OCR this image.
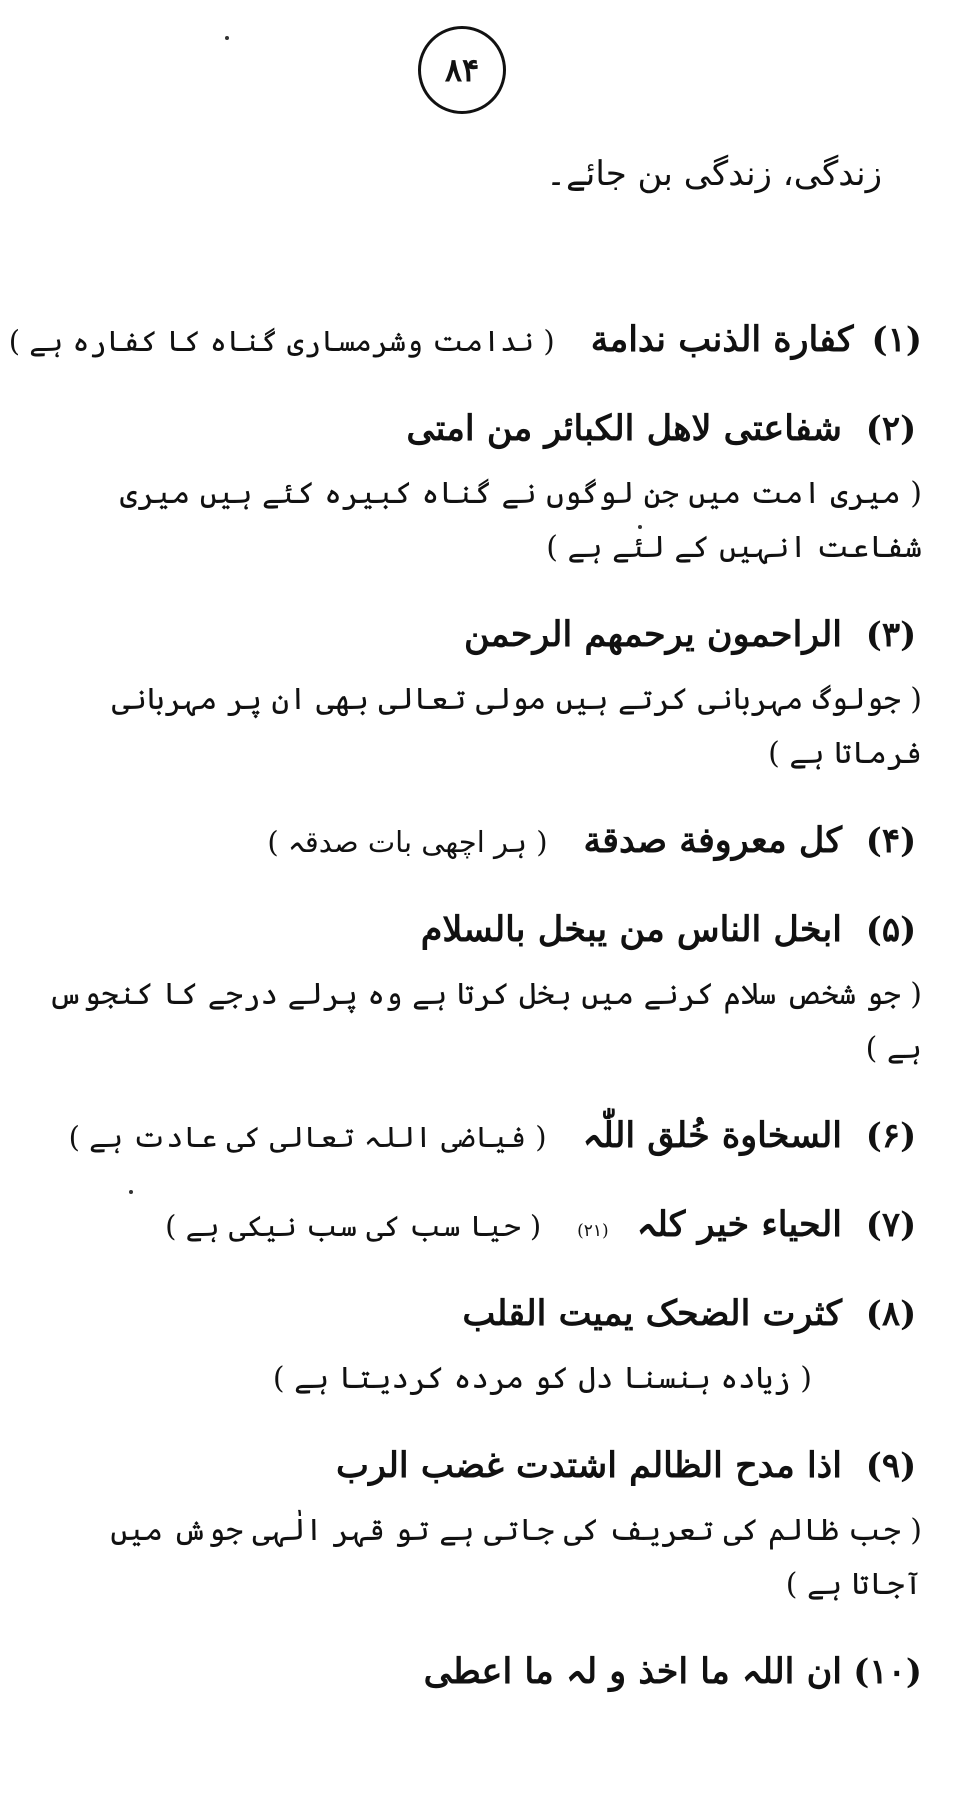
۸۴
زندگی، زندگی بن جائے۔
(۱)
کفارة الذنب ندامة
( ندامت وشرمساری گناہ کا کفارہ ہے )
(۲)
شفاعتی لاھل الکبائر من امتی
( میری امت میں جن لوگوں نے گناہ کبیرہ کئے ہیں میری شفاعت انہیں کے لئے ہے )
(۳)
الراحمون یرحمھم الرحمن
( جولوگ مہربانی کرتے ہیں مولی تعالی بھی ان پر مہربانی فرماتا ہے )
(۴)
کل معروفة صدقة
( ہر اچھی بات صدقہ )
(۵)
ابخل الناس من یبخل بالسلام
( جو شخص سلام کرنے میں بخل کرتا ہے وہ پرلے درجے کا کنجوس ہے )
(۶)
السخاوة خُلق اللّٰہ
( فیاضی اللہ تعالی کی عادت ہے )
(۷)
الحیاء خیر کلہ
(۲۱)
( حیا سب کی سب نیکی ہے )
(۸)
کثرت الضحک یمیت القلب
( زیادہ ہنسنا دل کو مردہ کردیتا ہے )
(۹)
اذا مدح الظالم اشتدت غضب الرب
( جب ظالم کی تعریف کی جاتی ہے تو قہر الٰہی جوش میں آجاتا ہے )
(۱۰)
ان اللہ ما اخذ و لہ ما اعطی
